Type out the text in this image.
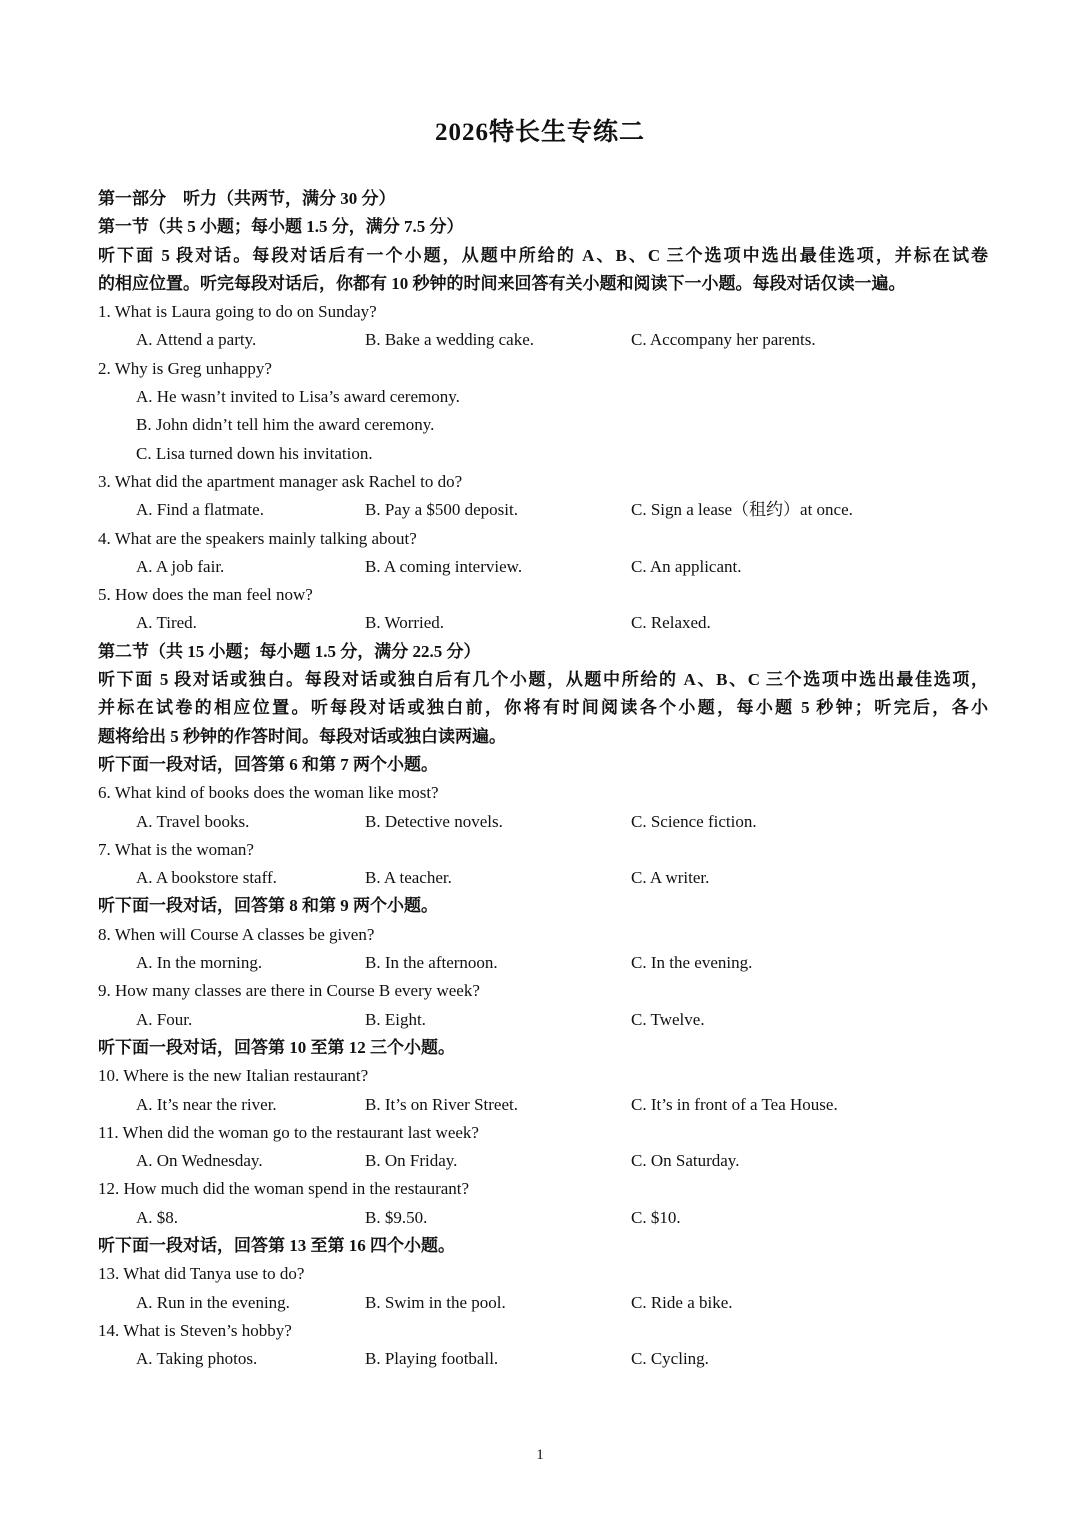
2026特长生专练二
第一部分　听力（共两节，满分 30 分）
第一节（共 5 小题；每小题 1.5 分，满分 7.5 分）
听下面 5 段对话。每段对话后有一个小题，从题中所给的 A、B、C 三个选项中选出最佳选项，并标在试卷
的相应位置。听完每段对话后，你都有 10 秒钟的时间来回答有关小题和阅读下一小题。每段对话仅读一遍。
1. What is Laura going to do on Sunday?
A. Attend a party.	B. Bake a wedding cake.	C. Accompany her parents.
2. Why is Greg unhappy?
A. He wasn’t invited to Lisa’s award ceremony.
B. John didn’t tell him the award ceremony.
C. Lisa turned down his invitation.
3. What did the apartment manager ask Rachel to do?
A. Find a flatmate.	B. Pay a $500 deposit.	C. Sign a lease（租约）at once.
4. What are the speakers mainly talking about?
A. A job fair.	B. A coming interview.	C. An applicant.
5. How does the man feel now?
A. Tired.	B. Worried.	C. Relaxed.
第二节（共 15 小题；每小题 1.5 分，满分 22.5 分）
听下面 5 段对话或独白。每段对话或独白后有几个小题，从题中所给的 A、B、C 三个选项中选出最佳选项，
并标在试卷的相应位置。听每段对话或独白前，你将有时间阅读各个小题，每小题 5 秒钟；听完后，各小
题将给出 5 秒钟的作答时间。每段对话或独白读两遍。
听下面一段对话，回答第 6 和第 7 两个小题。
6. What kind of books does the woman like most?
A. Travel books.	B. Detective novels.	C. Science fiction.
7. What is the woman?
A. A bookstore staff.	B. A teacher.	C. A writer.
听下面一段对话，回答第 8 和第 9 两个小题。
8. When will Course A classes be given?
A. In the morning.	B. In the afternoon.	C. In the evening.
9. How many classes are there in Course B every week?
A. Four.	B. Eight.	C. Twelve.
听下面一段对话，回答第 10 至第 12 三个小题。
10. Where is the new Italian restaurant?
A. It’s near the river.	B. It’s on River Street.	C. It’s in front of a Tea House.
11. When did the woman go to the restaurant last week?
A. On Wednesday.	B. On Friday.	C. On Saturday.
12. How much did the woman spend in the restaurant?
A. $8.	B. $9.50.	C. $10.
听下面一段对话，回答第 13 至第 16 四个小题。
13. What did Tanya use to do?
A. Run in the evening.	B. Swim in the pool.	C. Ride a bike.
14. What is Steven’s hobby?
A. Taking photos.	B. Playing football.	C. Cycling.
1
